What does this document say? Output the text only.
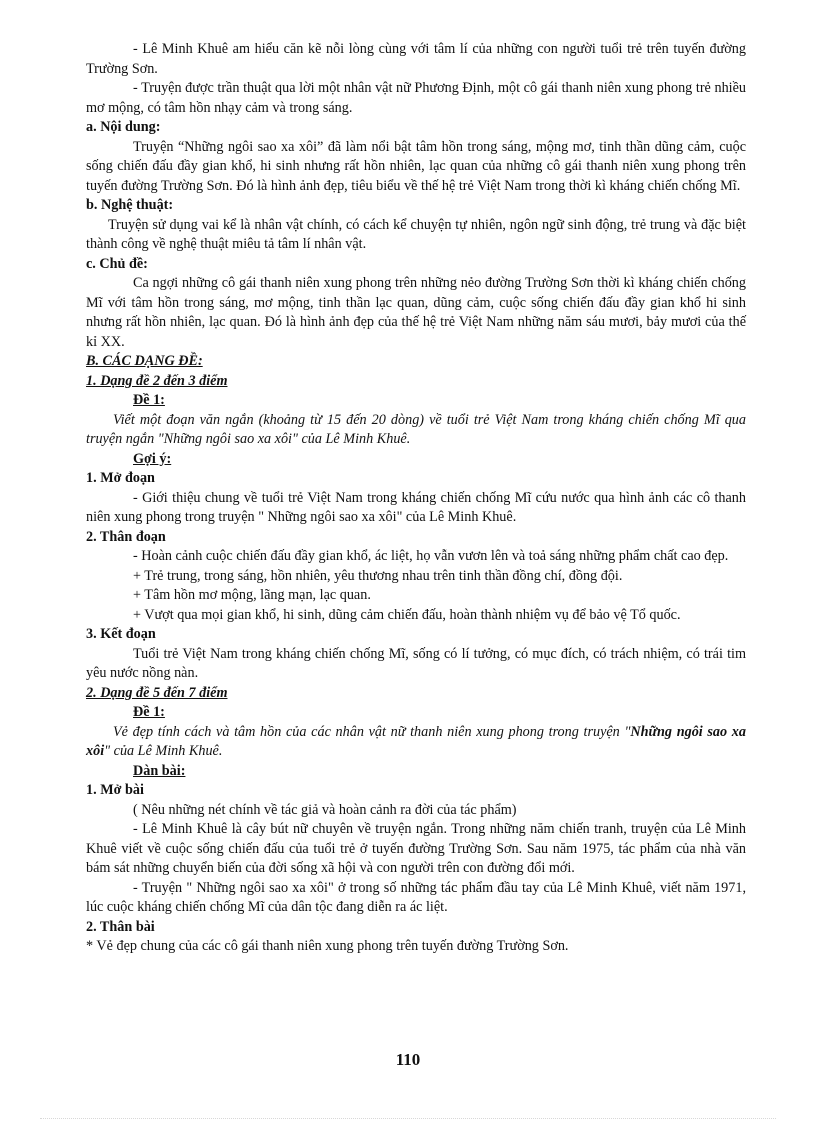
- Lê Minh Khuê am hiểu căn kẽ nỗi lòng cùng với tâm lí của những con người tuổi trẻ trên tuyến đường Trường Sơn.

- Truyện được trần thuật qua lời một nhân vật nữ Phương Định, một cô gái thanh niên xung phong trẻ nhiều mơ mộng, có tâm hồn nhạy cảm và trong sáng.

a. Nội dung:

Truyện “Những ngôi sao xa xôi” đã làm nổi bật tâm hồn trong sáng, mộng mơ, tinh thần dũng cảm, cuộc sống chiến đấu đầy gian khổ, hi sinh nhưng rất hồn nhiên, lạc quan của những cô gái thanh niên xung phong trên tuyến đường Trường Sơn. Đó là hình ảnh đẹp, tiêu biểu về thế hệ trẻ Việt Nam trong thời kì kháng chiến chống Mĩ.

b. Nghệ thuật:

Truyện sử dụng vai kể là nhân vật chính, có cách kể chuyện tự nhiên, ngôn ngữ sinh động, trẻ trung và đặc biệt thành công về nghệ thuật miêu tả tâm lí nhân vật.

c. Chủ đề:

Ca ngợi những cô gái thanh niên xung phong trên những nẻo đường Trường Sơn thời kì kháng chiến chống Mĩ với tâm hồn trong sáng, mơ mộng, tinh thần lạc quan, dũng cảm, cuộc sống chiến đấu đầy gian khổ hi sinh nhưng rất hồn nhiên, lạc quan. Đó là hình ảnh đẹp của thế hệ trẻ Việt Nam những năm sáu mươi, bảy mươi của thế kỉ XX.

B. CÁC DẠNG ĐỀ:

1. Dạng đề 2 đến 3 điểm

Đề 1:

Viết một đoạn văn ngắn (khoảng từ 15 đến 20 dòng) về tuổi trẻ Việt Nam trong kháng chiến chống Mĩ qua truyện ngắn "Những ngôi sao xa xôi" của Lê Minh Khuê.

Gợi ý:

1. Mở đoạn

- Giới thiệu chung về tuổi trẻ Việt Nam trong kháng chiến chống Mĩ cứu nước qua hình ảnh các cô thanh niên xung phong trong truyện " Những ngôi sao xa xôi" của Lê Minh Khuê.

2. Thân đoạn

- Hoàn cảnh cuộc chiến đấu đầy gian khổ, ác liệt, họ vẫn vươn lên và toả sáng những phẩm chất cao đẹp.

+ Trẻ trung, trong sáng, hồn nhiên, yêu thương nhau trên tinh thần đồng chí, đồng đội.

+ Tâm hồn mơ mộng, lãng mạn, lạc quan.

+ Vượt qua mọi gian khổ, hi sinh, dũng cảm chiến đấu, hoàn thành nhiệm vụ để bảo vệ Tổ quốc.

3. Kết đoạn

Tuổi trẻ Việt Nam trong kháng chiến chống Mĩ, sống có lí tưởng, có mục đích, có trách nhiệm, có trái tim yêu nước nồng nàn.

2. Dạng đề 5 đến 7 điểm

Đề 1:

Vẻ đẹp tính cách và tâm hồn của các nhân vật nữ thanh niên xung phong trong truyện "Những ngôi sao xa xôi" của Lê Minh Khuê.

Dàn bài:

1. Mở bài

( Nêu những nét chính về tác giả và hoàn cảnh ra đời của tác phẩm)

- Lê Minh Khuê là cây bút nữ chuyên về truyện ngắn. Trong những năm chiến tranh, truyện của Lê Minh Khuê viết về cuộc sống chiến đấu của tuổi trẻ ở tuyến đường Trường Sơn. Sau năm 1975, tác phẩm của nhà văn bám sát những chuyển biến của đời sống xã hội và con người trên con đường đổi mới.

- Truyện " Những ngôi sao xa xôi" ở trong số những tác phẩm đầu tay của Lê Minh Khuê, viết năm 1971, lúc cuộc kháng chiến chống Mĩ của dân tộc đang diễn ra ác liệt.

2. Thân bài

* Vẻ đẹp chung của các cô gái thanh niên xung phong trên tuyến đường Trường Sơn.

110
